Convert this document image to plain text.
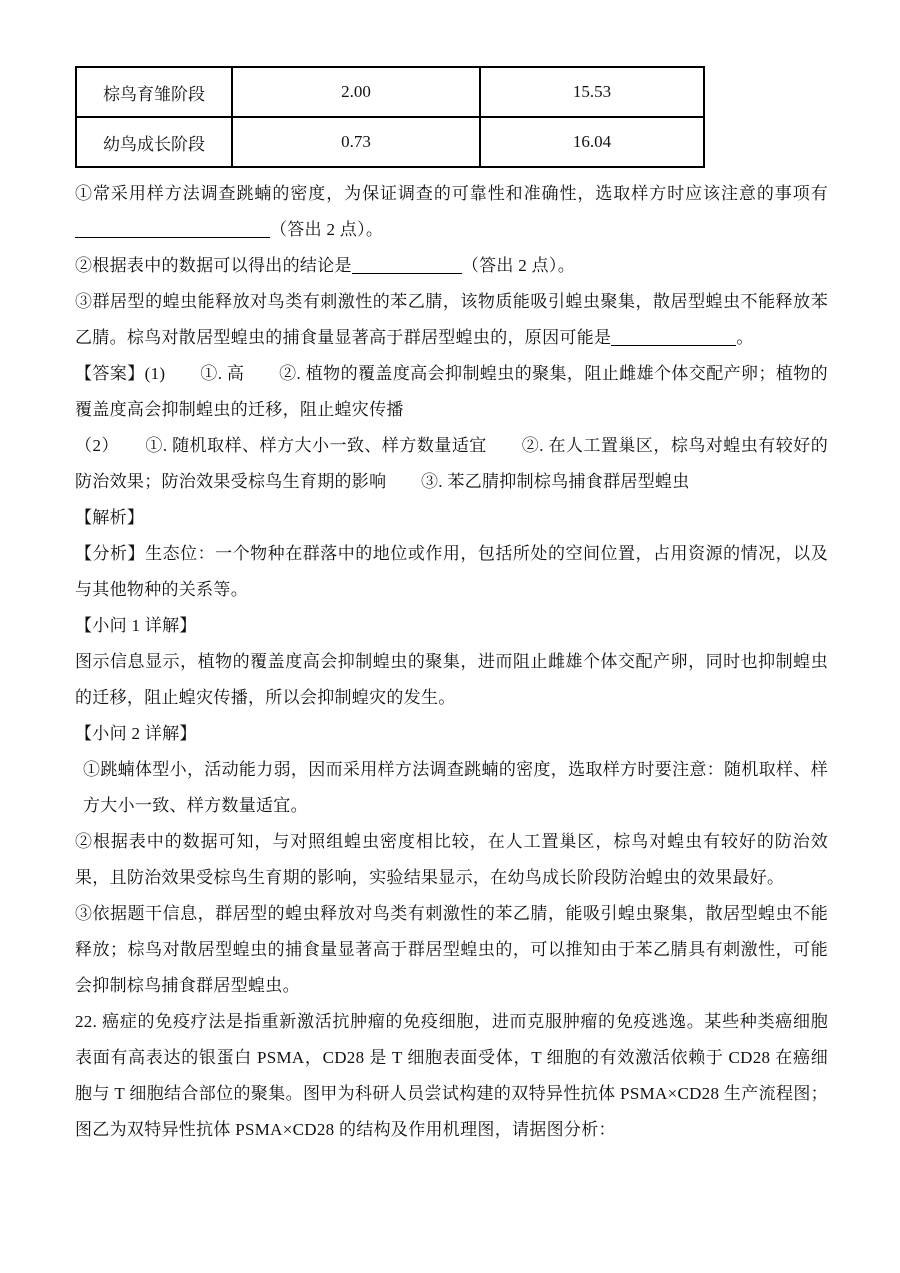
棕鸟育雏阶段	2.00	15.53
幼鸟成长阶段	0.73	16.04

①常采用样方法调查跳蝻的密度，为保证调查的可靠性和准确性，选取样方时应该注意的事项有（答出 2 点）。

②根据表中的数据可以得出的结论是	（答出 2 点）。

③群居型的蝗虫能释放对鸟类有刺激性的苯乙腈，该物质能吸引蝗虫聚集，散居型蝗虫不能释放苯乙腈。棕鸟对散居型蝗虫的捕食量显著高于群居型蝗虫的，原因可能是	。

【答案】(1)　　①. 高　　②. 植物的覆盖度高会抑制蝗虫的聚集，阻止雌雄个体交配产卵；植物的覆盖度高会抑制蝗虫的迁移，阻止蝗灾传播

（2）　　①. 随机取样、样方大小一致、样方数量适宜　　②. 在人工置巢区，棕鸟对蝗虫有较好的防治效果；防治效果受棕鸟生育期的影响　　③. 苯乙腈抑制棕鸟捕食群居型蝗虫

【解析】

【分析】生态位：一个物种在群落中的地位或作用，包括所处的空间位置，占用资源的情况，以及与其他物种的关系等。

【小问 1 详解】

图示信息显示，植物的覆盖度高会抑制蝗虫的聚集，进而阻止雌雄个体交配产卵，同时也抑制蝗虫的迁移，阻止蝗灾传播，所以会抑制蝗灾的发生。

【小问 2 详解】

①跳蝻体型小，活动能力弱，因而采用样方法调查跳蝻的密度，选取样方时要注意：随机取样、样方大小一致、样方数量适宜。

②根据表中的数据可知，与对照组蝗虫密度相比较，在人工置巢区，棕鸟对蝗虫有较好的防治效果，且防治效果受棕鸟生育期的影响，实验结果显示，在幼鸟成长阶段防治蝗虫的效果最好。

③依据题干信息，群居型的蝗虫释放对鸟类有刺激性的苯乙腈，能吸引蝗虫聚集，散居型蝗虫不能释放；棕鸟对散居型蝗虫的捕食量显著高于群居型蝗虫的，可以推知由于苯乙腈具有刺激性，可能会抑制棕鸟捕食群居型蝗虫。

22. 癌症的免疫疗法是指重新激活抗肿瘤的免疫细胞，进而克服肿瘤的免疫逃逸。某些种类癌细胞表面有高表达的银蛋白 PSMA，CD28 是 T 细胞表面受体，T 细胞的有效激活依赖于 CD28 在癌细胞与 T 细胞结合部位的聚集。图甲为科研人员尝试构建的双特异性抗体 PSMA×CD28 生产流程图；图乙为双特异性抗体 PSMA×CD28 的结构及作用机理图，请据图分析：
